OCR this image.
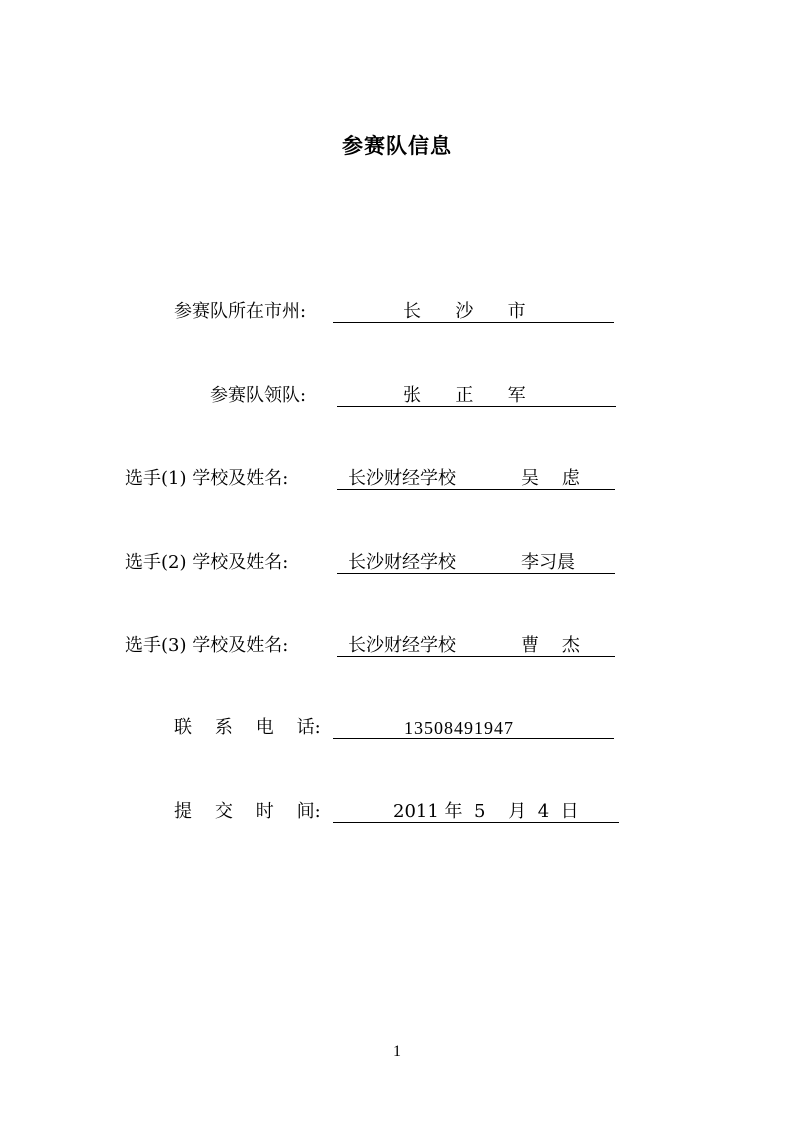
参赛队信息
参赛队所在市州:

	长      沙      市

参赛队领队:

	张      正      军

选手(1) 学校及姓名:

	长沙财经学校

	吴    虑

选手(2) 学校及姓名:

	长沙财经学校

	李习晨

选手(3) 学校及姓名:

	长沙财经学校

	曹    杰

联    系    电    话:

	13508491947

提    交    时    间:

	2011 年  5    月  4  日

1
